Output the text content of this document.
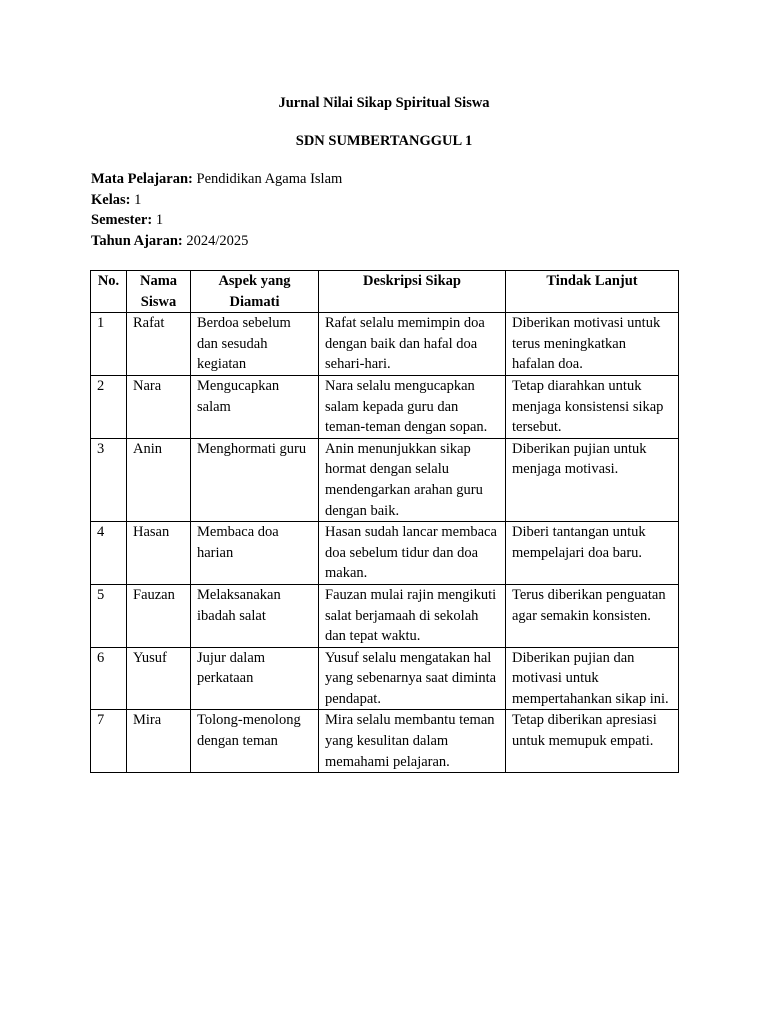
Jurnal Nilai Sikap Spiritual Siswa
SDN SUMBERTANGGUL 1
Mata Pelajaran: Pendidikan Agama Islam
Kelas: 1
Semester: 1
Tahun Ajaran: 2024/2025
No.	Nama Siswa	Aspek yang Diamati	Deskripsi Sikap	Tindak Lanjut
1	Rafat	Berdoa sebelum dan sesudah kegiatan	Rafat selalu memimpin doa dengan baik dan hafal doa sehari-hari.	Diberikan motivasi untuk terus meningkatkan hafalan doa.
2	Nara	Mengucapkan salam	Nara selalu mengucapkan salam kepada guru dan teman-teman dengan sopan.	Tetap diarahkan untuk menjaga konsistensi sikap tersebut.
3	Anin	Menghormati guru	Anin menunjukkan sikap hormat dengan selalu mendengarkan arahan guru dengan baik.	Diberikan pujian untuk menjaga motivasi.
4	Hasan	Membaca doa harian	Hasan sudah lancar membaca doa sebelum tidur dan doa makan.	Diberi tantangan untuk mempelajari doa baru.
5	Fauzan	Melaksanakan ibadah salat	Fauzan mulai rajin mengikuti salat berjamaah di sekolah dan tepat waktu.	Terus diberikan penguatan agar semakin konsisten.
6	Yusuf	Jujur dalam perkataan	Yusuf selalu mengatakan hal yang sebenarnya saat diminta pendapat.	Diberikan pujian dan motivasi untuk mempertahankan sikap ini.
7	Mira	Tolong-menolong dengan teman	Mira selalu membantu teman yang kesulitan dalam memahami pelajaran.	Tetap diberikan apresiasi untuk memupuk empati.
